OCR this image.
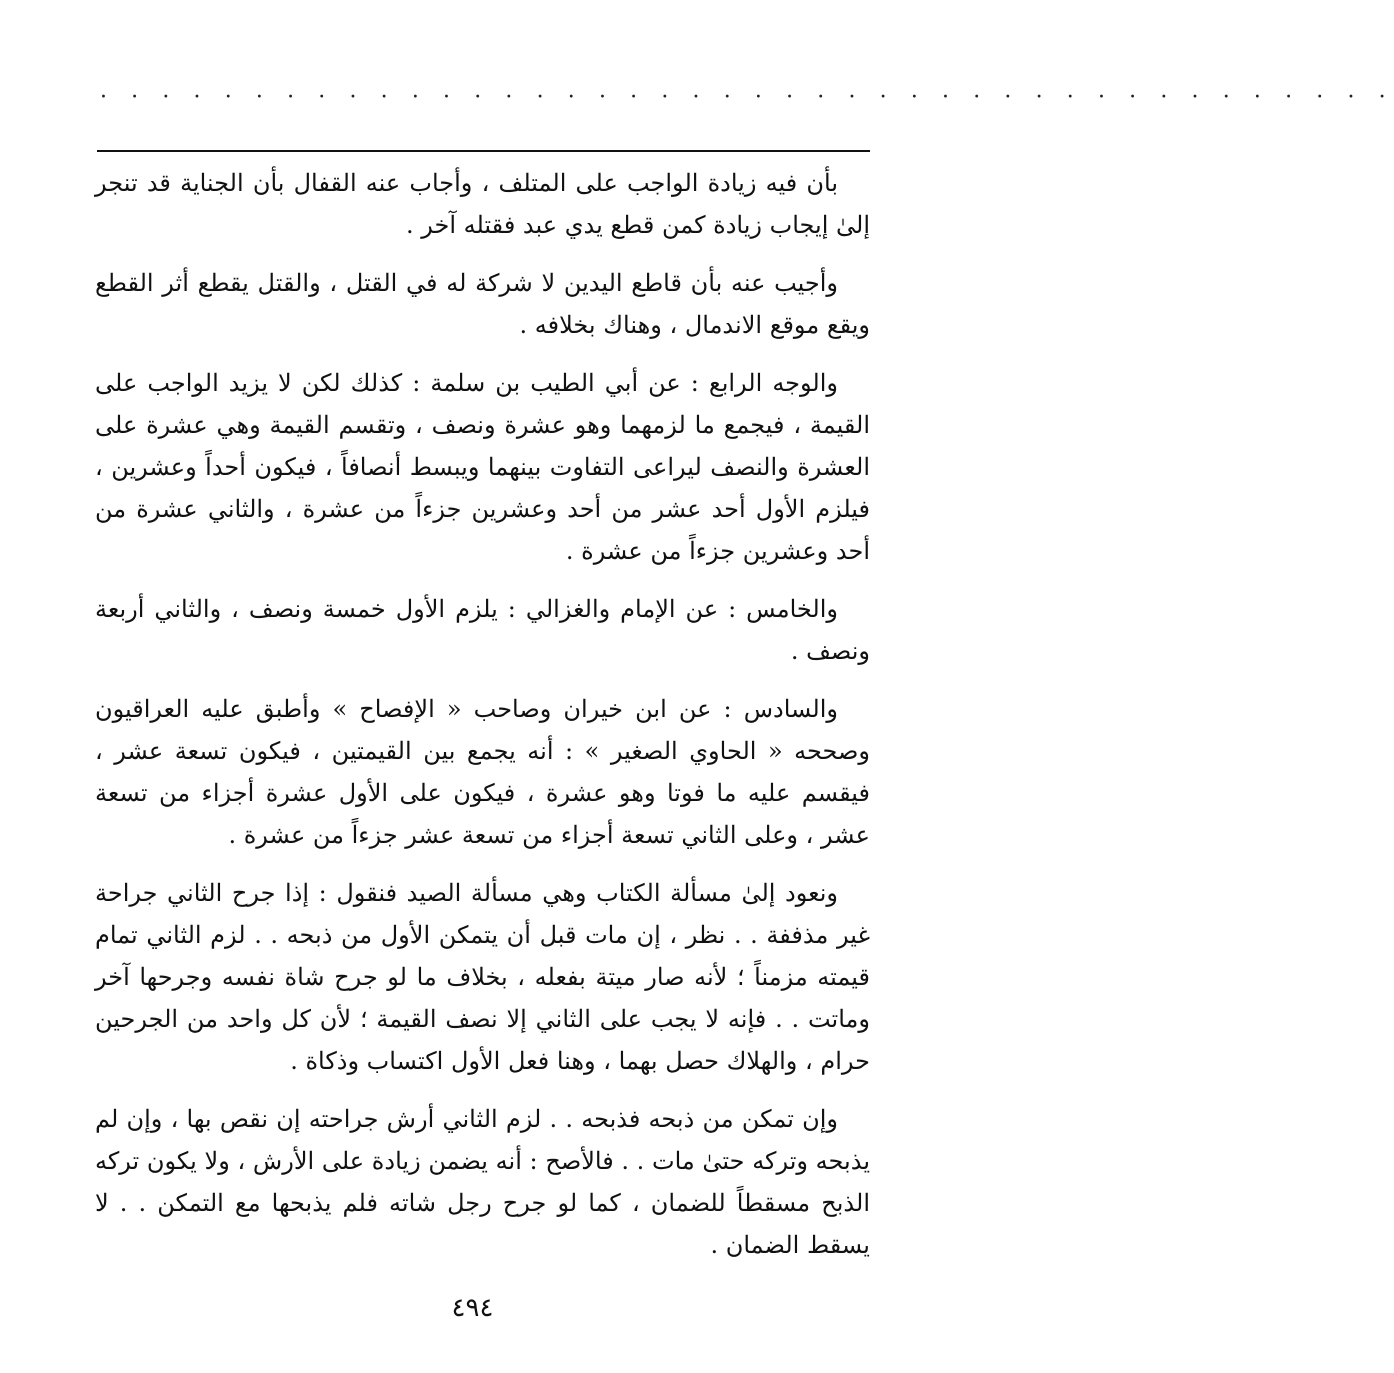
· · · · · · · · · · · · · · · · · · · · · · · · · · · · · · · · · · · · · · · · · ·

بأن فيه زيادة الواجب على المتلف ، وأجاب عنه القفال بأن الجناية قد تنجر إلىٰ إيجاب زيادة كمن قطع يدي عبد فقتله آخر .

وأجيب عنه بأن قاطع اليدين لا شركة له في القتل ، والقتل يقطع أثر القطع ويقع موقع الاندمال ، وهناك بخلافه .

والوجه الرابع : عن أبي الطيب بن سلمة : كذلك لكن لا يزيد الواجب على القيمة ، فيجمع ما لزمهما وهو عشرة ونصف ، وتقسم القيمة وهي عشرة على العشرة والنصف ليراعى التفاوت بينهما ويبسط أنصافاً ، فيكون أحداً وعشرين ، فيلزم الأول أحد عشر من أحد وعشرين جزءاً من عشرة ، والثاني عشرة من أحد وعشرين جزءاً من عشرة .

والخامس : عن الإمام والغزالي : يلزم الأول خمسة ونصف ، والثاني أربعة ونصف .

والسادس : عن ابن خيران وصاحب « الإفصاح » وأطبق عليه العراقيون وصححه « الحاوي الصغير » : أنه يجمع بين القيمتين ، فيكون تسعة عشر ، فيقسم عليه ما فوتا وهو عشرة ، فيكون على الأول عشرة أجزاء من تسعة عشر ، وعلى الثاني تسعة أجزاء من تسعة عشر جزءاً من عشرة .

ونعود إلىٰ مسألة الكتاب وهي مسألة الصيد فنقول : إذا جرح الثاني جراحة غير مذففة . . نظر ، إن مات قبل أن يتمكن الأول من ذبحه . . لزم الثاني تمام قيمته مزمناً ؛ لأنه صار ميتة بفعله ، بخلاف ما لو جرح شاة نفسه وجرحها آخر وماتت . . فإنه لا يجب على الثاني إلا نصف القيمة ؛ لأن كل واحد من الجرحين حرام ، والهلاك حصل بهما ، وهنا فعل الأول اكتساب وذكاة .

وإن تمكن من ذبحه فذبحه . . لزم الثاني أرش جراحته إن نقص بها ، وإن لم يذبحه وتركه حتىٰ مات . . فالأصح : أنه يضمن زيادة على الأرش ، ولا يكون تركه الذبح مسقطاً للضمان ، كما لو جرح رجل شاته فلم يذبحها مع التمكن . . لا يسقط الضمان .

٤٩٤
